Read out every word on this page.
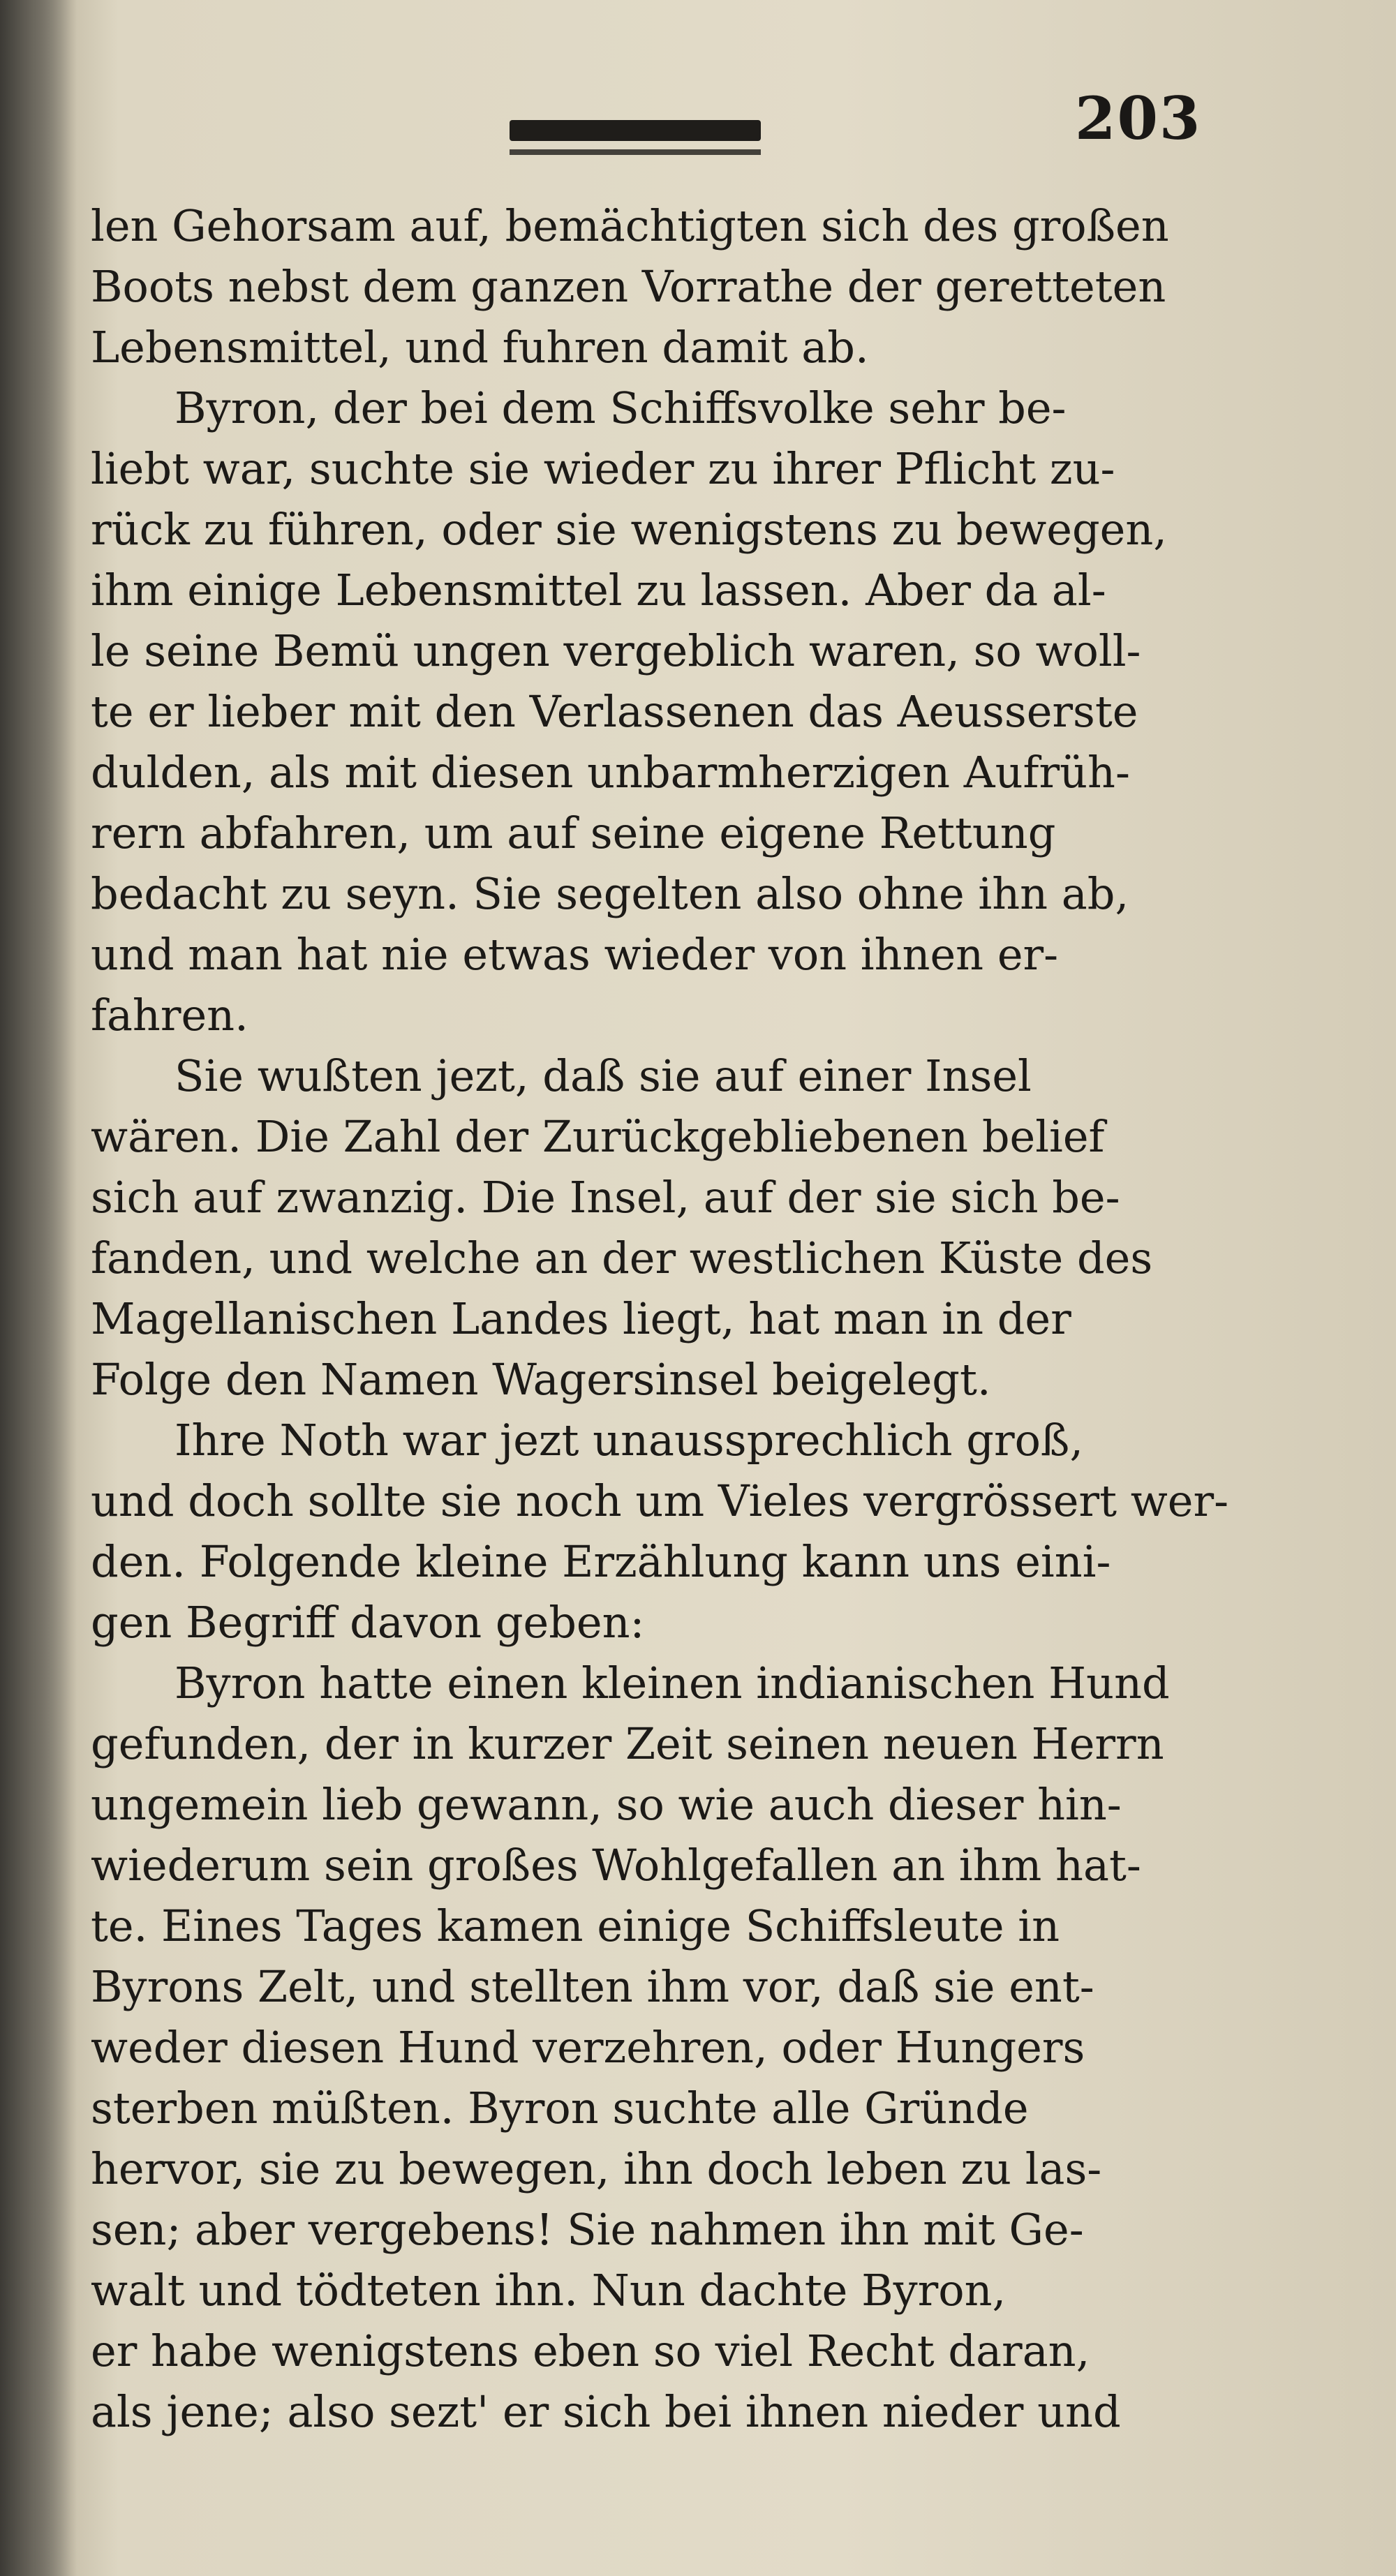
203
len Gehorsam auf, bemächtigten sich des großen
Boots nebst dem ganzen Vorrathe der geretteten
Lebensmittel, und fuhren damit ab.
Byron, der bei dem Schiffsvolke sehr be-
liebt war, suchte sie wieder zu ihrer Pflicht zu-
rück zu führen, oder sie wenigstens zu bewegen,
ihm einige Lebensmittel zu lassen. Aber da al-
le seine Bemü ungen vergeblich waren, so woll-
te er lieber mit den Verlassenen das Aeusserste
dulden, als mit diesen unbarmherzigen Aufrüh-
rern abfahren, um auf seine eigene Rettung
bedacht zu seyn. Sie segelten also ohne ihn ab,
und man hat nie etwas wieder von ihnen er-
fahren.
Sie wußten jezt, daß sie auf einer Insel
wären. Die Zahl der Zurückgebliebenen belief
sich auf zwanzig. Die Insel, auf der sie sich be-
fanden, und welche an der westlichen Küste des
Magellanischen Landes liegt, hat man in der
Folge den Namen Wagersinsel beigelegt.
Ihre Noth war jezt unaussprechlich groß,
und doch sollte sie noch um Vieles vergrössert wer-
den. Folgende kleine Erzählung kann uns eini-
gen Begriff davon geben:
Byron hatte einen kleinen indianischen Hund
gefunden, der in kurzer Zeit seinen neuen Herrn
ungemein lieb gewann, so wie auch dieser hin-
wiederum sein großes Wohlgefallen an ihm hat-
te. Eines Tages kamen einige Schiffsleute in
Byrons Zelt, und stellten ihm vor, daß sie ent-
weder diesen Hund verzehren, oder Hungers
sterben müßten. Byron suchte alle Gründe
hervor, sie zu bewegen, ihn doch leben zu las-
sen; aber vergebens! Sie nahmen ihn mit Ge-
walt und tödteten ihn. Nun dachte Byron,
er habe wenigstens eben so viel Recht daran,
als jene; also sezt' er sich bei ihnen nieder und
